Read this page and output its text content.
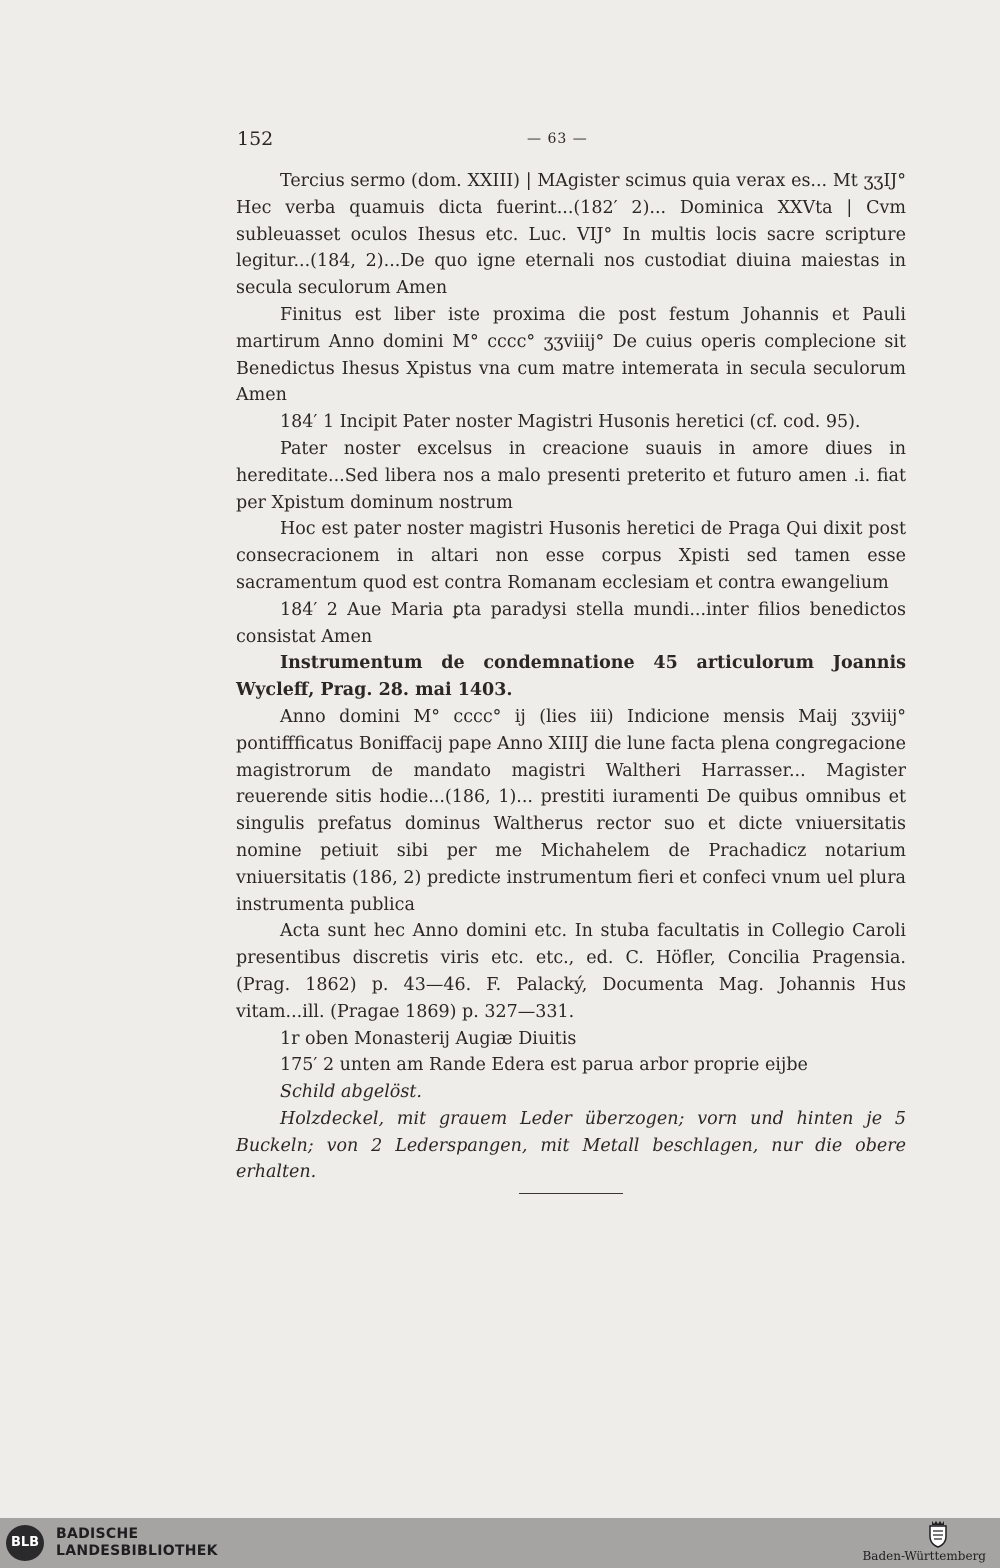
152	— 63 —

Tercius sermo (dom. XXIII) | MAgister scimus quia verax es... Mt ʒʒIJ° Hec verba quamuis dicta fuerint...(182′ 2)... Dominica XXVta | Cvm subleuasset oculos Ihesus etc. Luc. VIJ° In multis locis sacre scripture legitur...(184, 2)...De quo igne eternali nos custodiat diuina maiestas in secula seculorum Amen

Finitus est liber iste proxima die post festum Johannis et Pauli martirum Anno domini M° cccc° ʒʒviiij° De cuius operis complecione sit Benedictus Ihesus Xpistus vna cum matre intemerata in secula seculorum Amen

184′ 1 Incipit Pater noster Magistri Husonis heretici (cf. cod. 95).

Pater noster excelsus in creacione suauis in amore diues in hereditate...Sed libera nos a malo presenti preterito et futuro amen .i. fiat per Xpistum dominum nostrum

Hoc est pater noster magistri Husonis heretici de Praga Qui dixit post consecracionem in altari non esse corpus Xpisti sed tamen esse sacramentum quod est contra Romanam ecclesiam et contra ewangelium

184′ 2 Aue Maria ꝑta paradysi stella mundi...inter filios benedictos consistat Amen

Instrumentum de condemnatione 45 articulorum Joannis Wycleff, Prag. 28. mai 1403.

Anno domini M° cccc° ij (lies iii) Indicione mensis Maij ʒʒviij° pontiffficatus Boniffacij pape Anno XIIIJ die lune facta plena congregacione magistrorum de mandato magistri Waltheri Harrasser... Magister reuerende sitis hodie...(186, 1)... prestiti iuramenti De quibus omnibus et singulis prefatus dominus Waltherus rector suo et dicte vniuersitatis nomine petiuit sibi per me Michahelem de Prachadicz notarium vniuersitatis (186, 2) predicte instrumentum fieri et confeci vnum uel plura instrumenta publica

Acta sunt hec Anno domini etc. In stuba facultatis in Collegio Caroli presentibus discretis viris etc. etc., ed. C. Höfler, Concilia Pragensia. (Prag. 1862) p. 43—46. F. Palacký, Documenta Mag. Johannis Hus vitam...ill. (Pragae 1869) p. 327—331.

1r oben Monasterij Augiæ Diuitis

175′ 2 unten am Rande Edera est parua arbor proprie eijbe

Schild abgelöst.

Holzdeckel, mit grauem Leder überzogen; vorn und hinten je 5 Buckeln; von 2 Lederspangen, mit Metall beschlagen, nur die obere erhalten.

BLB
BADISCHE
LANDESBIBLIOTHEK	Baden-Württemberg
